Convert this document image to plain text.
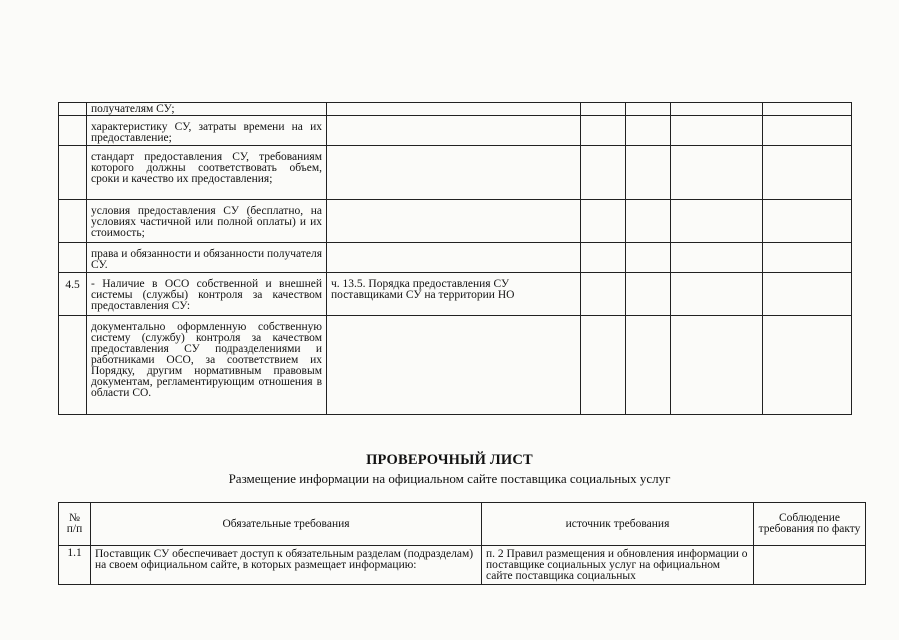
	получателям СУ;					
	характеристику СУ, затраты времени на их предоставление;					
	стандарт предоставления СУ, требованиям которого должны соответствовать объем, сроки и качество их предоставления;					
	условия предоставления СУ (бесплатно, на условиях частичной или полной оплаты) и их стоимость;					
	права и обязанности и обязанности получателя СУ.					
4.5	- Наличие в ОСО собственной и внешней системы (службы) контроля за качеством предоставления СУ:	ч. 13.5. Порядка предоставления СУ поставщиками СУ на территории НО				
	документально оформленную собственную систему (службу) контроля за качеством предоставления СУ подразделениями и работниками ОСО, за соответствием их Порядку, другим нормативным правовым документам, регламентирующим отношения в области СО.					
ПРОВЕРОЧНЫЙ ЛИСТ
Размещение информации на официальном сайте поставщика социальных услуг
№ п/п	Обязательные требования	источник требования	Соблюдение требования по факту
1.1	Поставщик СУ обеспечивает доступ к обязательным разделам (подразделам) на своем официальном сайте, в которых размещает информацию:	п. 2 Правил размещения и обновления информации о поставщике социальных услуг на официальном сайте поставщика социальных	
